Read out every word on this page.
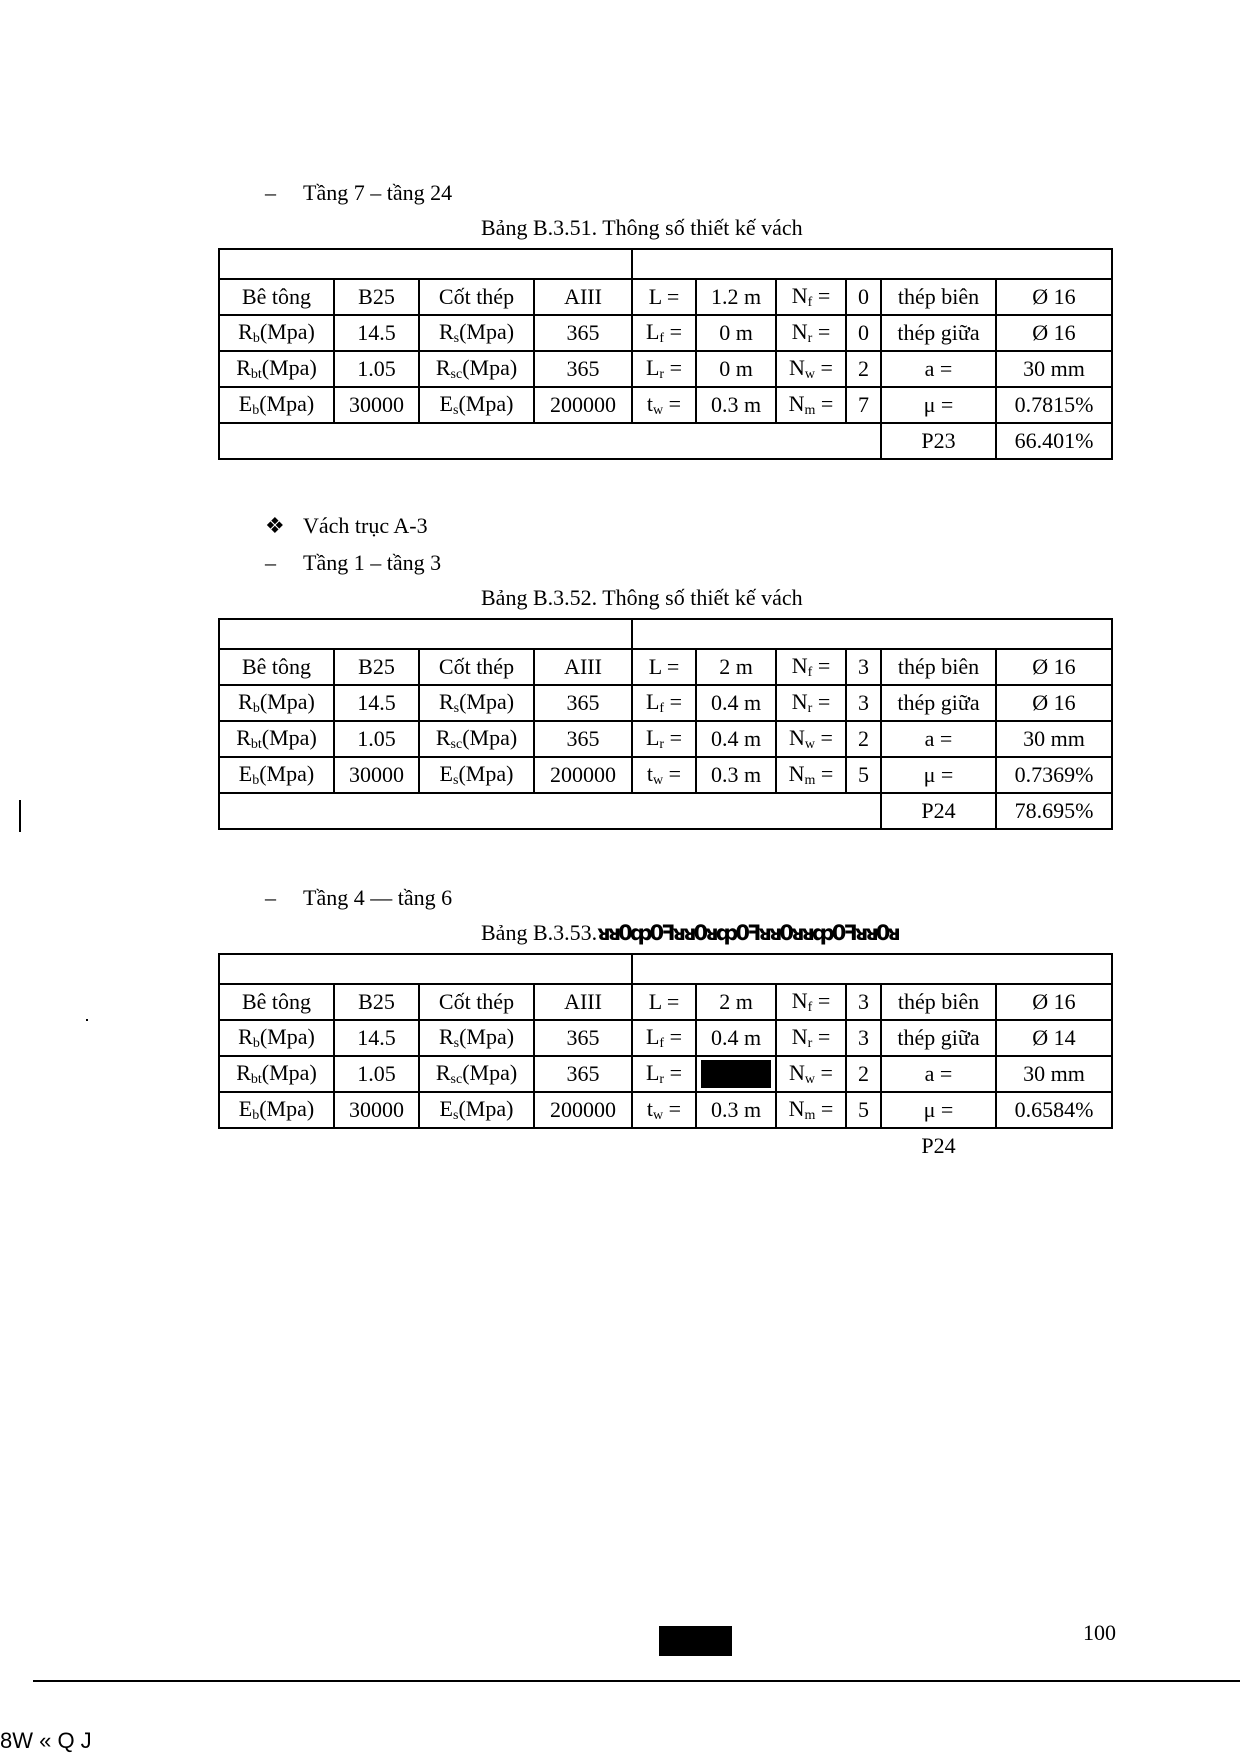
– Tầng 7 – tầng 24
Bảng B.3.51. Thông số thiết kế vách

Bê tông	B25	Cốt thép	AIII	L =	1.2 m	$N_f$ =	0	thép biên	Ø 16
$R_b(Mpa)$	14.5	$R_s(Mpa)$	365	$L_f$ =	0 m	$N_r$ =	0	thép giữa	Ø 16
$R_{bt}(Mpa)$	1.05	$R_{sc}(Mpa)$	365	$L_r$ =	0 m	$N_w$ =	2	a =	30 mm
$E_b(Mpa)$	30000	$E_s(Mpa)$	200000	$t_w$ =	0.3 m	$N_m$ =	7	μ =	0.7815%
								P23	66.401%
❖ Vách trục A-3
– Tầng 1 – tầng 3
Bảng B.3.52. Thông số thiết kế vách

Bê tông	B25	Cốt thép	AIII	L =	2 m	$N_f$ =	3	thép biên	Ø 16
$R_b(Mpa)$	14.5	$R_s(Mpa)$	365	$L_f$ =	0.4 m	$N_r$ =	3	thép giữa	Ø 16
$R_{bt}(Mpa)$	1.05	$R_{sc}(Mpa)$	365	$L_r$ =	0.4 m	$N_w$ =	2	a =	30 mm
$E_b(Mpa)$	30000	$E_s(Mpa)$	200000	$t_w$ =	0.3 m	$N_m$ =	5	μ =	0.7369%
								P24	78.695%
– Tầng 4 — tầng 6
Bảng B.3.53.ᴚᴚ0ȹ0ꟻᴚᴚ0ᴚȹ0ꟻᴚᴚ0ᴚᴚȹ0ꟻᴚᴚ0ᴚ

Bê tông	B25	Cốt thép	AIII	L =	2 m	$N_f$ =	3	thép biên	Ø 16
$R_b(Mpa)$	14.5	$R_s(Mpa)$	365	$L_f$ =	0.4 m	$N_r$ =	3	thép giữa	Ø 14
$R_{bt}(Mpa)$	1.05	$R_{sc}(Mpa)$	365	$L_r$ =		$N_w$ =	2	a =	30 mm
$E_b(Mpa)$	30000	$E_s(Mpa)$	200000	$t_w$ =	0.3 m	$N_m$ =	5	μ =	0.6584%
								P24	
100
8W « Q J
